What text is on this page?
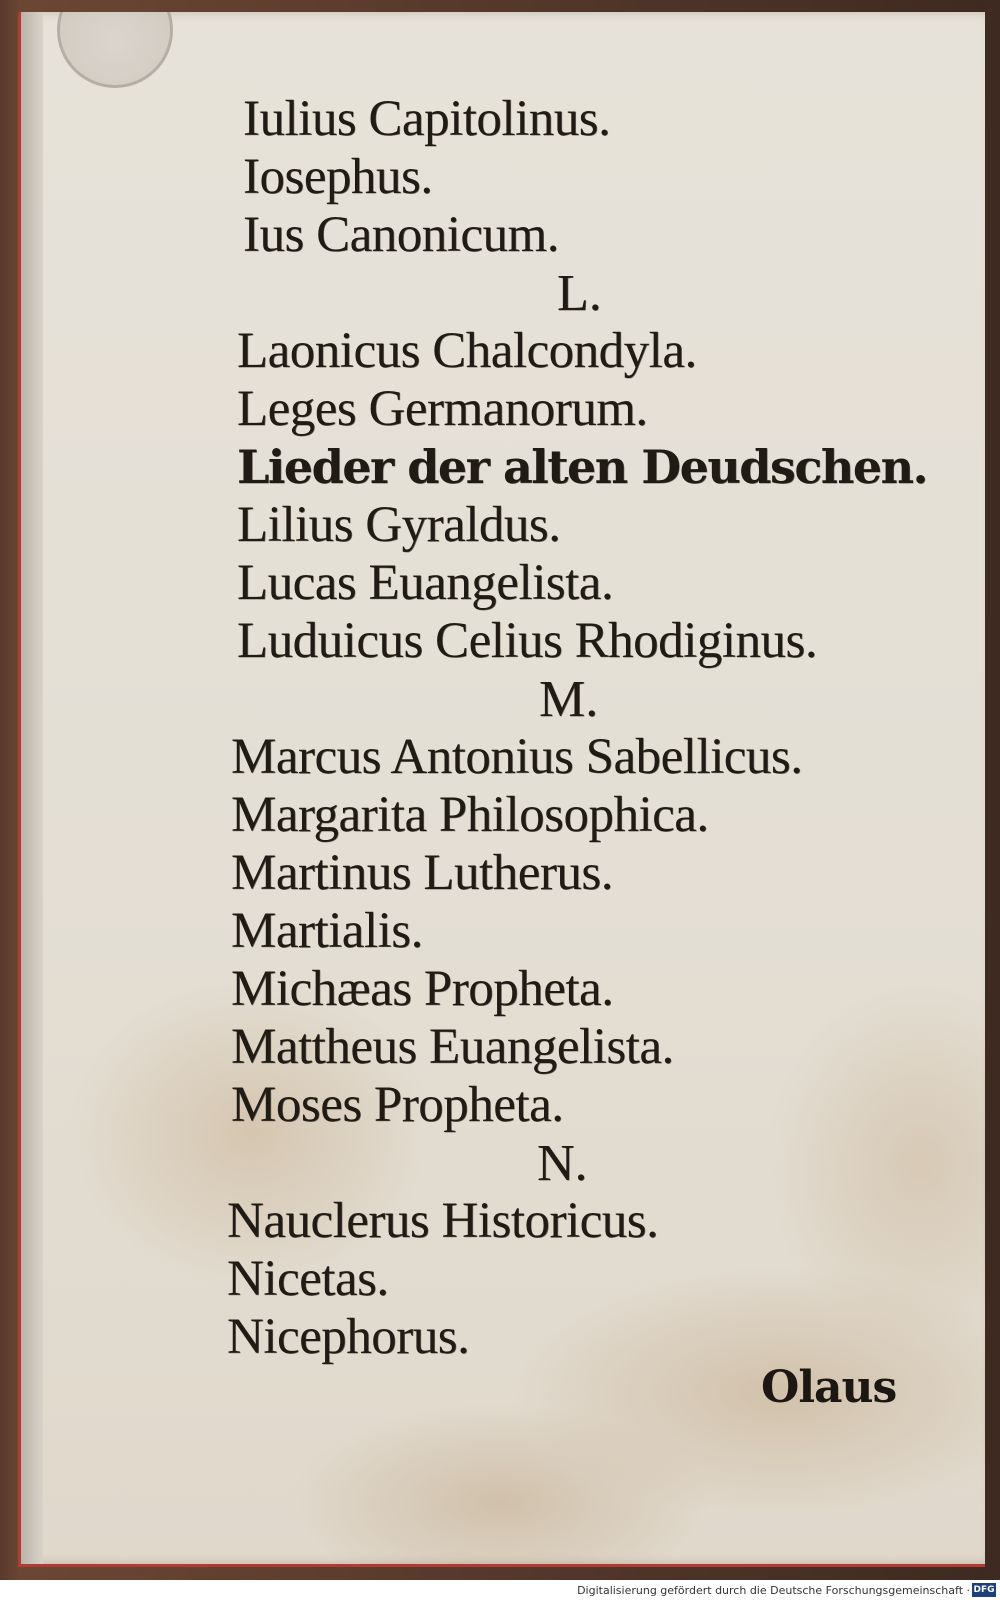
Iulius Capitolinus.
Iosephus.
Ius Canonicum.
L.
Laonicus Chalcondyla.
Leges Germanorum.
Lieder der alten Deudschen.
Lilius Gyraldus.
Lucas Euangelista.
Luduicus Celius Rhodiginus.
M.
Marcus Antonius Sabellicus.
Margarita Philosophica.
Martinus Lutherus.
Martialis.
Michæas Propheta.
Mattheus Euangelista.
Moses Propheta.
N.
Nauclerus Historicus.
Nicetas.
Nicephorus.
Olaus
Digitalisierung gefördert durch die Deutsche Forschungsgemeinschaft · DFG
